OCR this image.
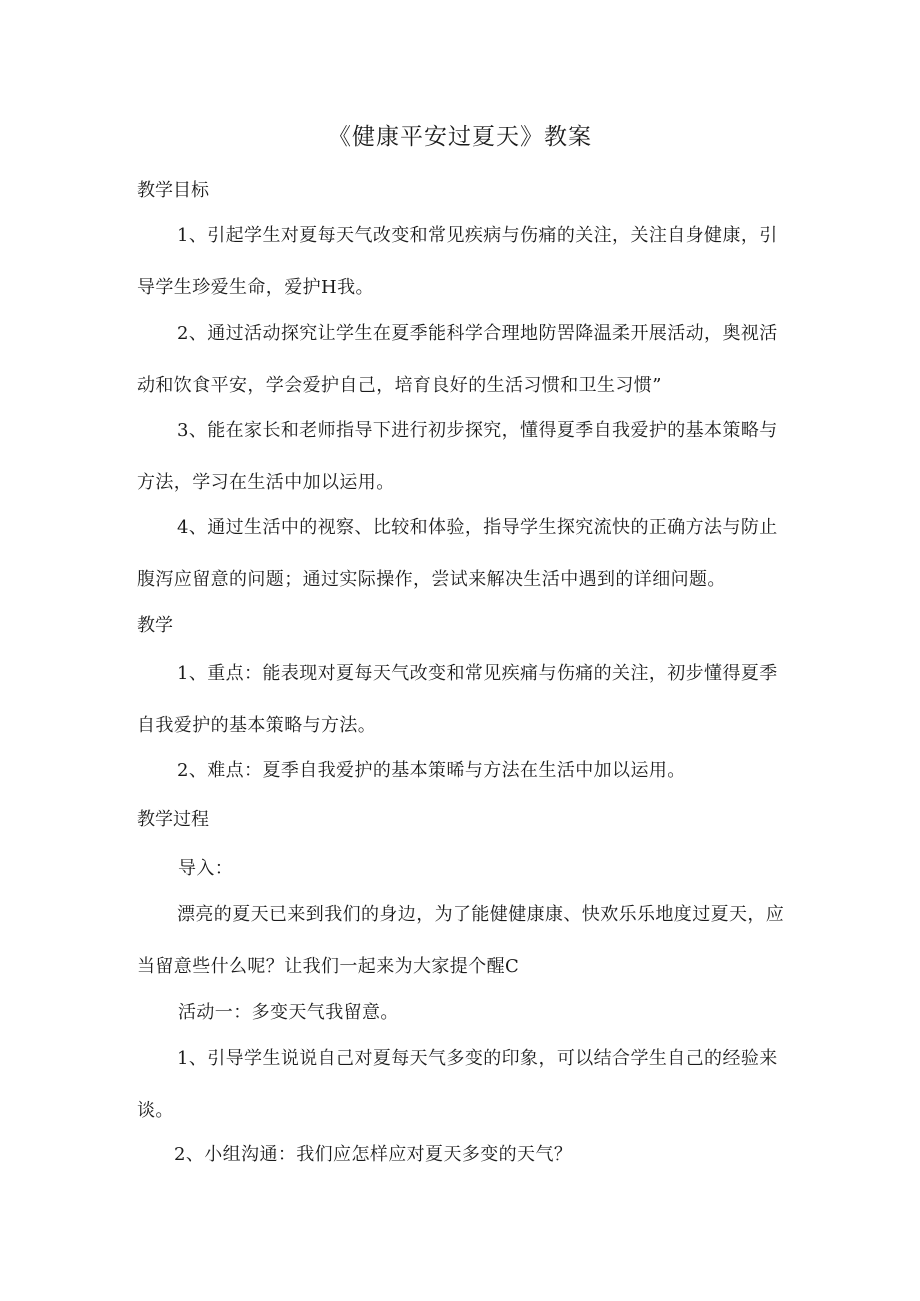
《健康平安过夏天》教案
教学目标

1、引起学生对夏每天气改变和常见疾病与伤痛的关注，关注自身健康，引导学生珍爱生命，爱护H我。

2、通过活动探究让学生在夏季能科学合理地防罟降温柔开展活动，奥视活动和饮食平安，学会爱护自己，培育良好的生活习惯和卫生习惯”

3、能在家长和老师指导下进行初步探究，懂得夏季自我爱护的基本策略与方法，学习在生活中加以运用。

4、通过生活中的视察、比较和体验，指导学生探究流快的正确方法与防止腹泻应留意的问题；通过实际操作，尝试来解决生活中遇到的详细问题。

教学

1、重点：能表现对夏每天气改变和常见疾痛与伤痛的关注，初步懂得夏季自我爱护的基本策略与方法。

2、难点：夏季自我爱护的基本策晞与方法在生活中加以运用。

教学过程

导入：

漂亮的夏天已来到我们的身边，为了能健健康康、快欢乐乐地度过夏天，应当留意些什么呢？让我们一起来为大家提个醒C

活动一：多变天气我留意。

1、引导学生说说自己对夏每天气多变的印象，可以结合学生自己的经验来谈。

2、小组沟通：我们应怎样应对夏天多变的天气？
